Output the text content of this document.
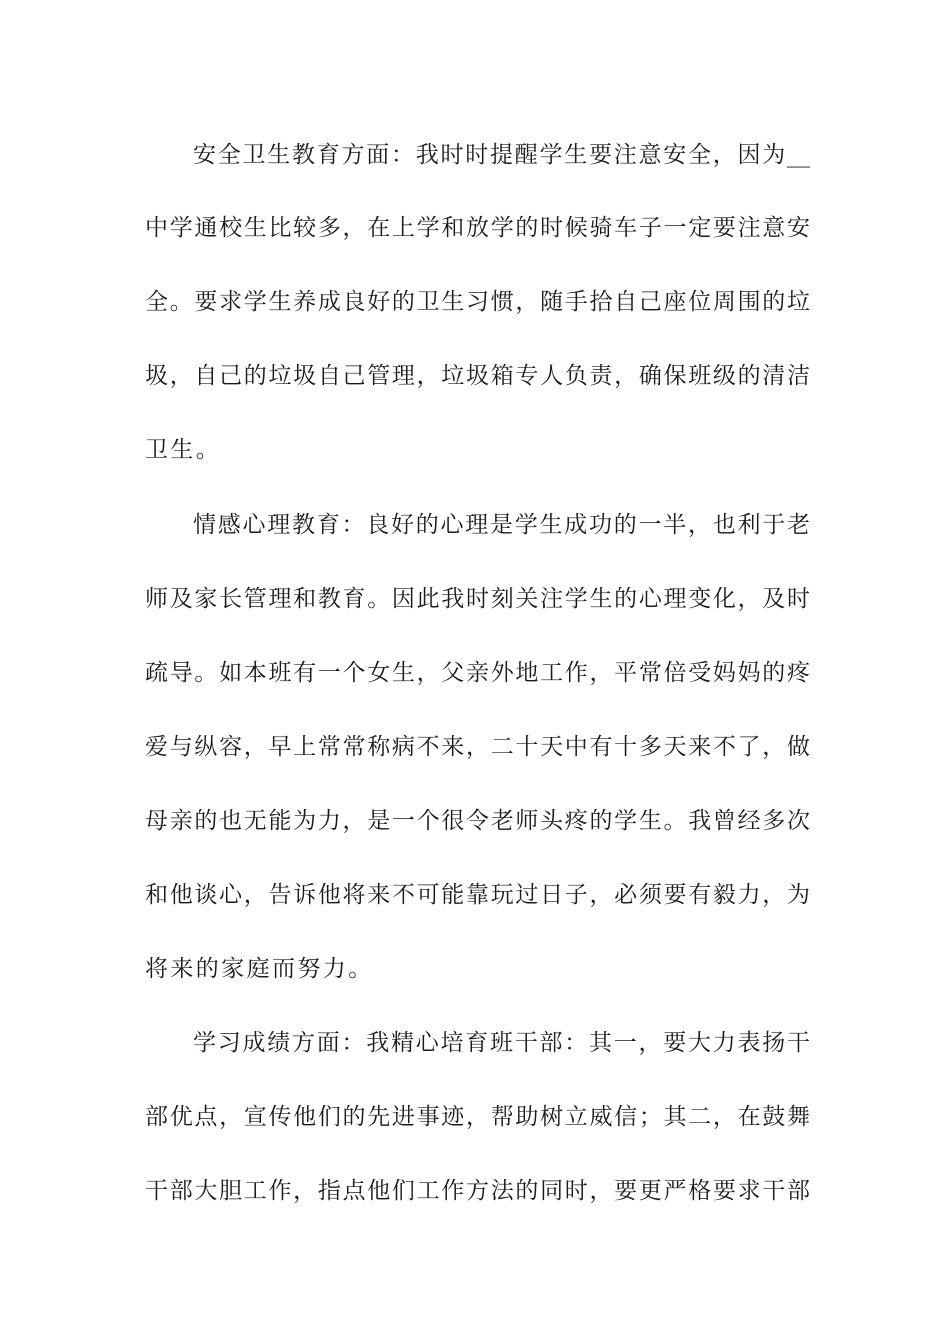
安全卫生教育方面：我时时提醒学生要注意安全，因为__
中学通校生比较多，在上学和放学的时候骑车子一定要注意安
全。要求学生养成良好的卫生习惯，随手拾自己座位周围的垃
圾，自己的垃圾自己管理，垃圾箱专人负责，确保班级的清洁
卫生。
情感心理教育：良好的心理是学生成功的一半，也利于老
师及家长管理和教育。因此我时刻关注学生的心理变化，及时
疏导。如本班有一个女生，父亲外地工作，平常倍受妈妈的疼
爱与纵容，早上常常称病不来，二十天中有十多天来不了，做
母亲的也无能为力，是一个很令老师头疼的学生。我曾经多次
和他谈心，告诉他将来不可能靠玩过日子，必须要有毅力，为
将来的家庭而努力。
学习成绩方面：我精心培育班干部：其一，要大力表扬干
部优点，宣传他们的先进事迹，帮助树立威信；其二，在鼓舞
干部大胆工作，指点他们工作方法的同时，要更严格要求干部
